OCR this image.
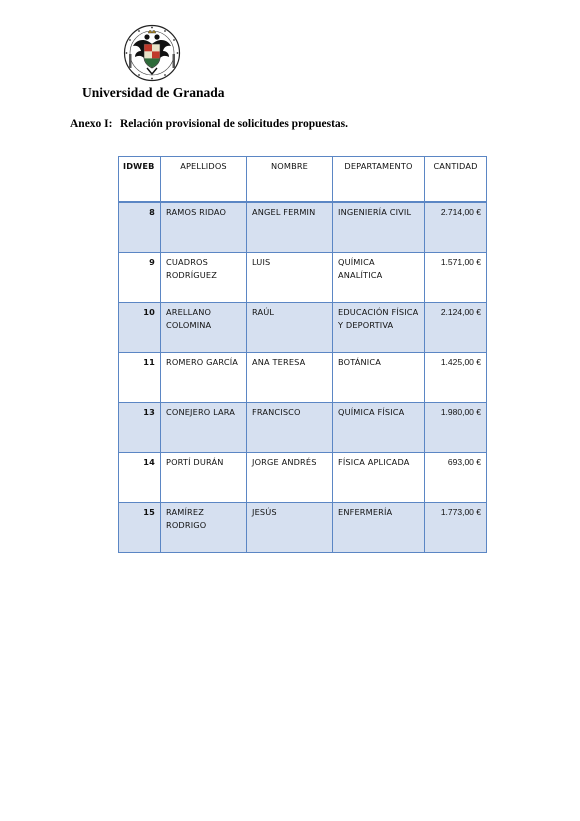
Universidad de Granada
Anexo I: Relación provisional de solicitudes propuestas.
IDWEB	APELLIDOS	NOMBRE	DEPARTAMENTO	CANTIDAD
8	RAMOS RIDAO	ANGEL FERMIN	INGENIERÍA CIVIL	2.714,00 €
9	CUADROS RODRÍGUEZ	LUIS	QUÍMICA ANALÍTICA	1.571,00 €
10	ARELLANO COLOMINA	RAÚL	EDUCACIÓN FÍSICA Y DEPORTIVA	2.124,00 €
11	ROMERO GARCÍA	ANA TERESA	BOTÁNICA	1.425,00 €
13	CONEJERO LARA	FRANCISCO	QUÍMICA FÍSICA	1.980,00 €
14	PORTÍ DURÁN	JORGE ANDRÉS	FÍSICA APLICADA	693,00 €
15	RAMÍREZ RODRIGO	JESÚS	ENFERMERÍA	1.773,00 €
